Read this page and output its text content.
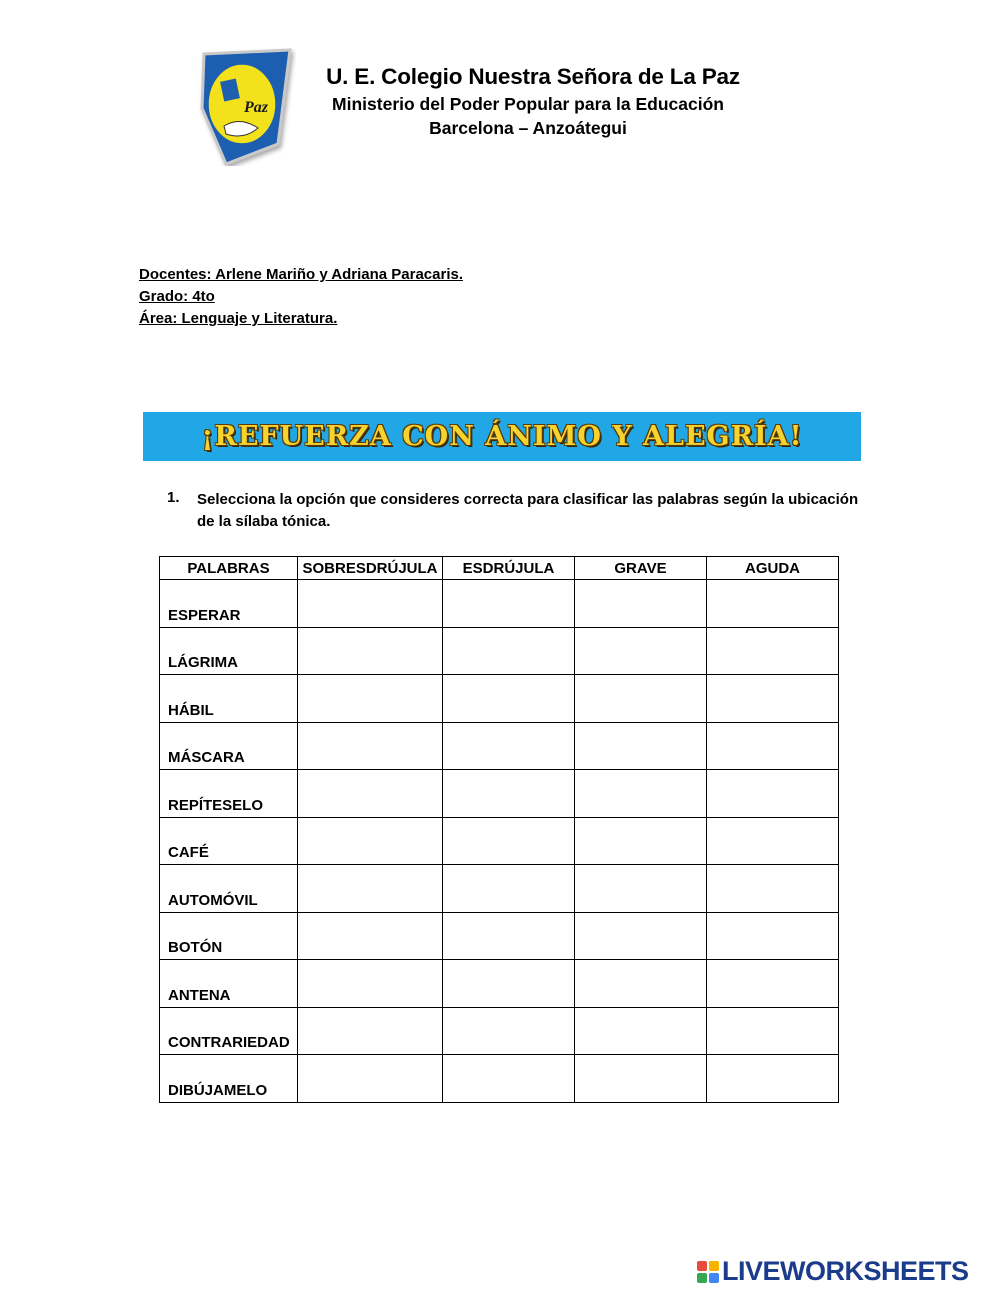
Paz
U. E. Colegio Nuestra Señora de La Paz
Ministerio del Poder Popular para la Educación
Barcelona – Anzoátegui
Docentes: Arlene Mariño y Adriana Paracaris.
Grado: 4to
Área: Lenguaje y Literatura.
¡REFUERZA CON ÁNIMO Y ALEGRÍA!
1. Selecciona la opción que consideres correcta para clasificar las palabras según la ubicación de la sílaba tónica.
PALABRAS	SOBRESDRÚJULA	ESDRÚJULA	GRAVE	AGUDA
ESPERAR				
LÁGRIMA				
HÁBIL				
MÁSCARA				
REPÍTESELO				
CAFÉ				
AUTOMÓVIL				
BOTÓN				
ANTENA				
CONTRARIEDAD				
DIBÚJAMELO				
LIVEWORKSHEETS
